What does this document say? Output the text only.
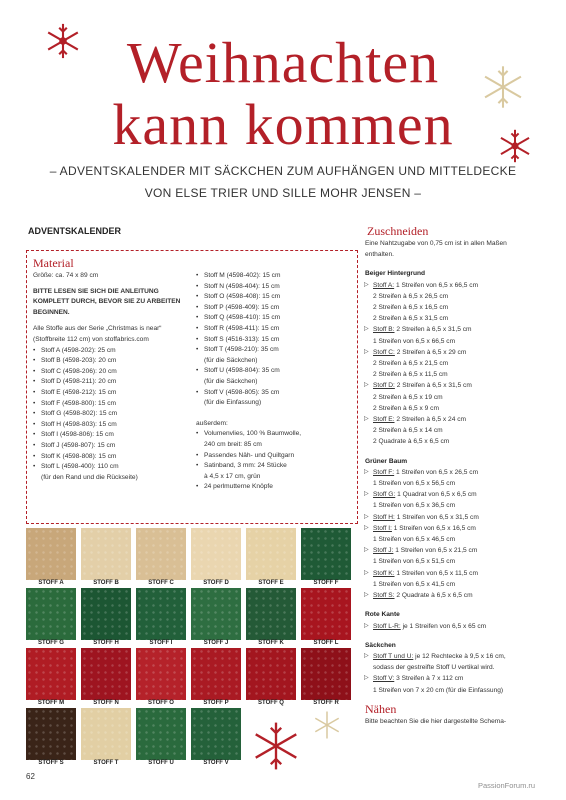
Weihnachten
kann kommen
– ADVENTSKALENDER MIT SÄCKCHEN ZUM AUFHÄNGEN UND MITTELDECKE
VON ELSE TRIER UND SILLE MOHR JENSEN –
ADVENTSKALENDER
Material
Größe: ca. 74 x 89 cm
BITTE LESEN SIE SICH DIE ANLEITUNG KOMPLETT DURCH, BEVOR SIE ZU ARBEITEN BEGINNEN.
Alle Stoffe aus der Serie „Christmas is near“ (Stoffbreite 112 cm) von stoffabrics.com
• Stoff A (4598-202): 25 cm
• Stoff B (4598-203): 20 cm
• Stoff C (4598-206): 20 cm
• Stoff D (4598-211): 20 cm
• Stoff E (4598-212): 15 cm
• Stoff F (4598-800): 15 cm
• Stoff G (4598-802): 15 cm
• Stoff H (4598-803): 15 cm
• Stoff I (4598-806): 15 cm
• Stoff J (4598-807): 15 cm
• Stoff K (4598-808): 15 cm
• Stoff L (4598-400): 110 cm
(für den Rand und die Rückseite)
• Stoff M (4598-402): 15 cm
• Stoff N (4598-404): 15 cm
• Stoff O (4598-408): 15 cm
• Stoff P (4598-409): 15 cm
• Stoff Q (4598-410): 15 cm
• Stoff R (4598-411): 15 cm
• Stoff S (4516-313): 15 cm
• Stoff T (4598-210): 35 cm
(für die Säckchen)
• Stoff U (4598-804): 35 cm
(für die Säckchen)
• Stoff V (4598-805): 35 cm
(für die Einfassung)
außerdem:
• Volumenvlies, 100 % Baumwolle,
240 cm breit: 85 cm
• Passendes Näh- und Quiltgarn
• Satinband, 3 mm: 24 Stücke
à 4,5 x 17 cm, grün
• 24 perlmutterne Knöpfe
STOFF A	STOFF B	STOFF C	STOFF D	STOFF E	STOFF F
STOFF G	STOFF H	STOFF I	STOFF J	STOFF K	STOFF L
STOFF M	STOFF N	STOFF O	STOFF P	STOFF Q	STOFF R
STOFF S	STOFF T	STOFF U	STOFF V
Zuschneiden
Eine Nahtzugabe von 0,75 cm ist in allen Maßen
enthalten.
Beiger Hintergrund
▷ Stoff A: 1 Streifen von 6,5 x 66,5 cm
2 Streifen à 6,5 x 26,5 cm
2 Streifen à 6,5 x 16,5 cm
2 Streifen à 6,5 x 31,5 cm
▷ Stoff B: 2 Streifen à 6,5 x 31,5 cm
1 Streifen von 6,5 x 66,5 cm
▷ Stoff C: 2 Streifen à 6,5 x 29 cm
2 Streifen à 6,5 x 21,5 cm
2 Streifen à 6,5 x 11,5 cm
▷ Stoff D: 2 Streifen à 6,5 x 31,5 cm
2 Streifen à 6,5 x 19 cm
2 Streifen à 6,5 x 9 cm
▷ Stoff E: 2 Streifen à 6,5 x 24 cm
2 Streifen à 6,5 x 14 cm
2 Quadrate à 6,5 x 6,5 cm
Grüner Baum
▷ Stoff F: 1 Streifen von 6,5 x 26,5 cm
1 Streifen von 6,5 x 56,5 cm
▷ Stoff G: 1 Quadrat von 6,5 x 6,5 cm
1 Streifen von 6,5 x 36,5 cm
▷ Stoff H: 1 Streifen von 6,5 x 31,5 cm
▷ Stoff I: 1 Streifen von 6,5 x 16,5 cm
1 Streifen von 6,5 x 46,5 cm
▷ Stoff J: 1 Streifen von 6,5 x 21,5 cm
1 Streifen von 6,5 x 51,5 cm
▷ Stoff K: 1 Streifen von 6,5 x 11,5 cm
1 Streifen von 6,5 x 41,5 cm
▷ Stoff S: 2 Quadrate à 6,5 x 6,5 cm
Rote Kante
▷ Stoff L-R: je 1 Streifen von 6,5 x 65 cm
Säckchen
▷ Stoff T und U: je 12 Rechtecke à 9,5 x 16 cm,
sodass der gestreifte Stoff U vertikal wird.
▷ Stoff V: 3 Streifen à 7 x 112 cm
1 Streifen von 7 x 20 cm (für die Einfassung)
Nähen
Bitte beachten Sie die hier dargestellte Schema-
62
PassionForum.ru
